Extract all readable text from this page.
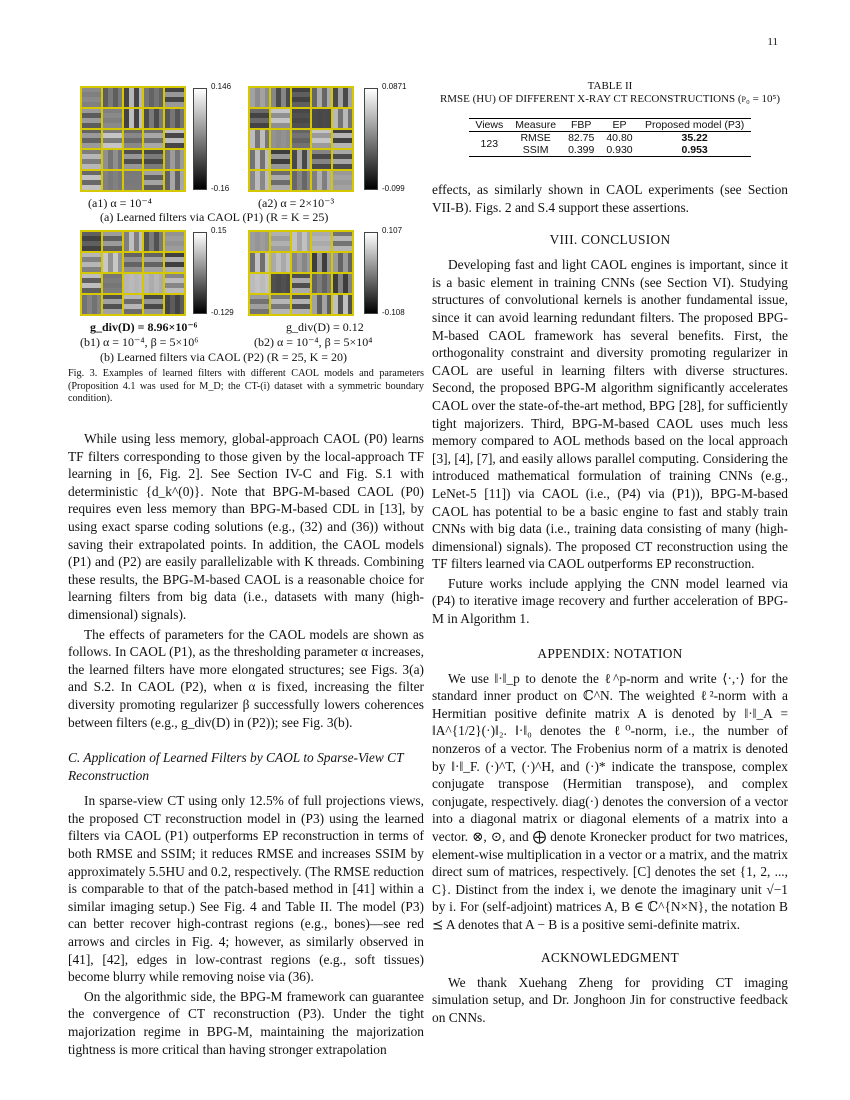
11
0.146
-0.16
(a1) α = 10⁻⁴
0.0871
-0.099
(a2) α = 2×10⁻³
(a) Learned filters via CAOL (P1) (R = K = 25)
0.15
-0.129
g_div(D) = 8.96×10⁻⁶
(b1) α = 10⁻⁴, β = 5×10⁶
0.107
-0.108
g_div(D) = 0.12
(b2) α = 10⁻⁴, β = 5×10⁴
(b) Learned filters via CAOL (P2) (R = 25, K = 20)
Fig. 3. Examples of learned filters with different CAOL models and parameters (Proposition 4.1 was used for M_D; the CT-(i) dataset with a symmetric boundary condition).

While using less memory, global-approach CAOL (P0) learns TF filters corresponding to those given by the local-approach TF learning in [6, Fig. 2]. See Section IV-C and Fig. S.1 with deterministic {d_k^(0)}. Note that BPG-M-based CAOL (P0) requires even less memory than BPG-M-based CDL in [13], by using exact sparse coding solutions (e.g., (32) and (36)) without saving their extrapolated points. In addition, the CAOL models (P1) and (P2) are easily parallelizable with K threads. Combining these results, the BPG-M-based CAOL is a reasonable choice for learning filters from big data (i.e., datasets with many (high-dimensional) signals).

The effects of parameters for the CAOL models are shown as follows. In CAOL (P1), as the thresholding parameter α increases, the learned filters have more elongated structures; see Figs. 3(a) and S.2. In CAOL (P2), when α is fixed, increasing the filter diversity promoting regularizer β successfully lowers coherences between filters (e.g., g_div(D) in (P2)); see Fig. 3(b).

C. Application of Learned Filters by CAOL to Sparse-View CT Reconstruction

In sparse-view CT using only 12.5% of full projections views, the proposed CT reconstruction model in (P3) using the learned filters via CAOL (P1) outperforms EP reconstruction in terms of both RMSE and SSIM; it reduces RMSE and increases SSIM by approximately 5.5HU and 0.2, respectively. (The RMSE reduction is comparable to that of the patch-based method in [41] within a similar imaging setup.) See Fig. 4 and Table II. The model (P3) can better recover high-contrast regions (e.g., bones)—see red arrows and circles in Fig. 4; however, as similarly observed in [41], [42], edges in low-contrast regions (e.g., soft tissues) become blurry while removing noise via (36).

On the algorithmic side, the BPG-M framework can guarantee the convergence of CT reconstruction (P3). Under the tight majorization regime in BPG-M, maintaining the majorization tightness is more critical than having stronger extrapolation

TABLE II
RMSE (HU) OF DIFFERENT X-RAY CT RECONSTRUCTIONS (ρ₀ = 10⁵)
Views	Measure	FBP	EP	Proposed model (P3)
123	RMSE	82.75	40.80	35.22
	SSIM	0.399	0.930	0.953

effects, as similarly shown in CAOL experiments (see Section VII-B). Figs. 2 and S.4 support these assertions.

VIII. CONCLUSION

Developing fast and light CAOL engines is important, since it is a basic element in training CNNs (see Section VI). Studying structures of convolutional kernels is another fundamental issue, since it can avoid learning redundant filters. The proposed BPG-M-based CAOL framework has several benefits. First, the orthogonality constraint and diversity promoting regularizer in CAOL are useful in learning filters with diverse structures. Second, the proposed BPG-M algorithm significantly accelerates CAOL over the state-of-the-art method, BPG [28], for sufficiently tight majorizers. Third, BPG-M-based CAOL uses much less memory compared to AOL methods based on the local approach [3], [4], [7], and easily allows parallel computing. Considering the introduced mathematical formulation of training CNNs (e.g., LeNet-5 [11]) via CAOL (i.e., (P4) via (P1)), BPG-M-based CAOL has potential to be a basic engine to fast and stably train CNNs with big data (i.e., training data consisting of many (high-dimensional) signals). The proposed CT reconstruction using the TF filters learned via CAOL outperforms EP reconstruction.

Future works include applying the CNN model learned via (P4) to iterative image recovery and further acceleration of BPG-M in Algorithm 1.

APPENDIX: NOTATION

We use ‖·‖_p to denote the ℓ^p-norm and write ⟨·,·⟩ for the standard inner product on ℂ^N. The weighted ℓ²-norm with a Hermitian positive definite matrix A is denoted by ‖·‖_A = ‖A^{1/2}(·)‖₂. ‖·‖₀ denotes the ℓ⁰-norm, i.e., the number of nonzeros of a vector. The Frobenius norm of a matrix is denoted by ‖·‖_F. (·)^T, (·)^H, and (·)* indicate the transpose, complex conjugate transpose (Hermitian transpose), and complex conjugate, respectively. diag(·) denotes the conversion of a vector into a diagonal matrix or diagonal elements of a matrix into a vector. ⊗, ⊙, and ⨁ denote Kronecker product for two matrices, element-wise multiplication in a vector or a matrix, and the matrix direct sum of matrices, respectively. [C] denotes the set {1, 2, ..., C}. Distinct from the index i, we denote the imaginary unit √−1 by i. For (self-adjoint) matrices A, B ∈ ℂ^{N×N}, the notation B ⪯ A denotes that A − B is a positive semi-definite matrix.

ACKNOWLEDGMENT

We thank Xuehang Zheng for providing CT imaging simulation setup, and Dr. Jonghoon Jin for constructive feedback on CNNs.
